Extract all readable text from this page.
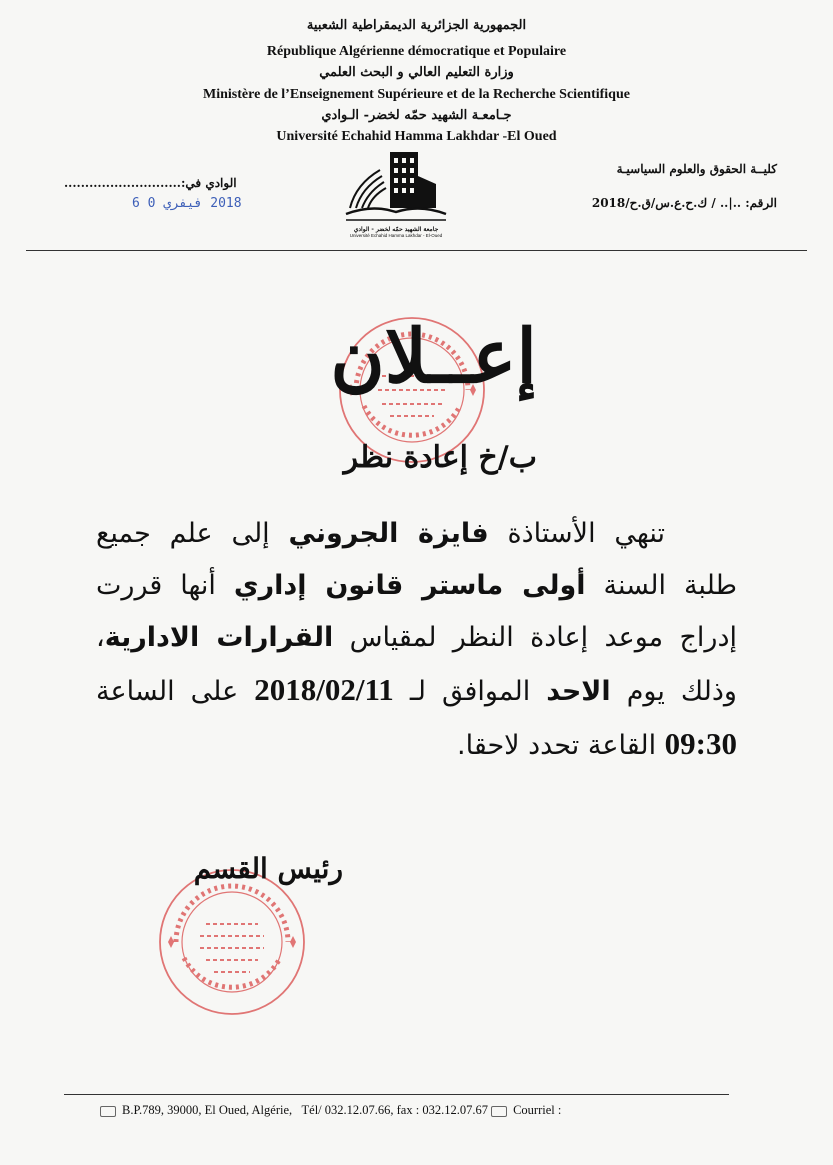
الجمهورية الجزائرية الديمقراطية الشعبية
République Algérienne démocratique et Populaire
وزارة التعليم العالي و البحث العلمي
Ministère de l’Enseignement Supérieure et de la Recherche Scientifique
جـامعـة الشهيد حمّه لخضر- الـوادي
Université Echahid Hamma Lakhdar -El Oued
كليــة الحقوق والعلوم السياسيـة
الرقم: ..|.. / ك.ح.ع.س/ق.ح/2018
الوادي في:............................
2018 فيفري 0 6
جامعة الشهيد حمّه لخضر - الوادي
Université Echahid Hamma Lakhdar - El-Oued
إعــلان
ب/خ إعادة نظر
تنهي الأستاذة فايزة الجروني إلى علم جميع طلبة السنة أولى ماستر قانون إداري أنها قررت إدراج موعد إعادة النظر لمقياس القرارات الادارية، وذلك يوم الاحد الموافق لـ 2018/02/11 على الساعة 09:30 القاعة تحدد لاحقا.
رئيس القسم
B.P.789, 39000, El Oued, Algérie, Tél/ 032.12.07.66, fax : 032.12.07.67 Courriel :
